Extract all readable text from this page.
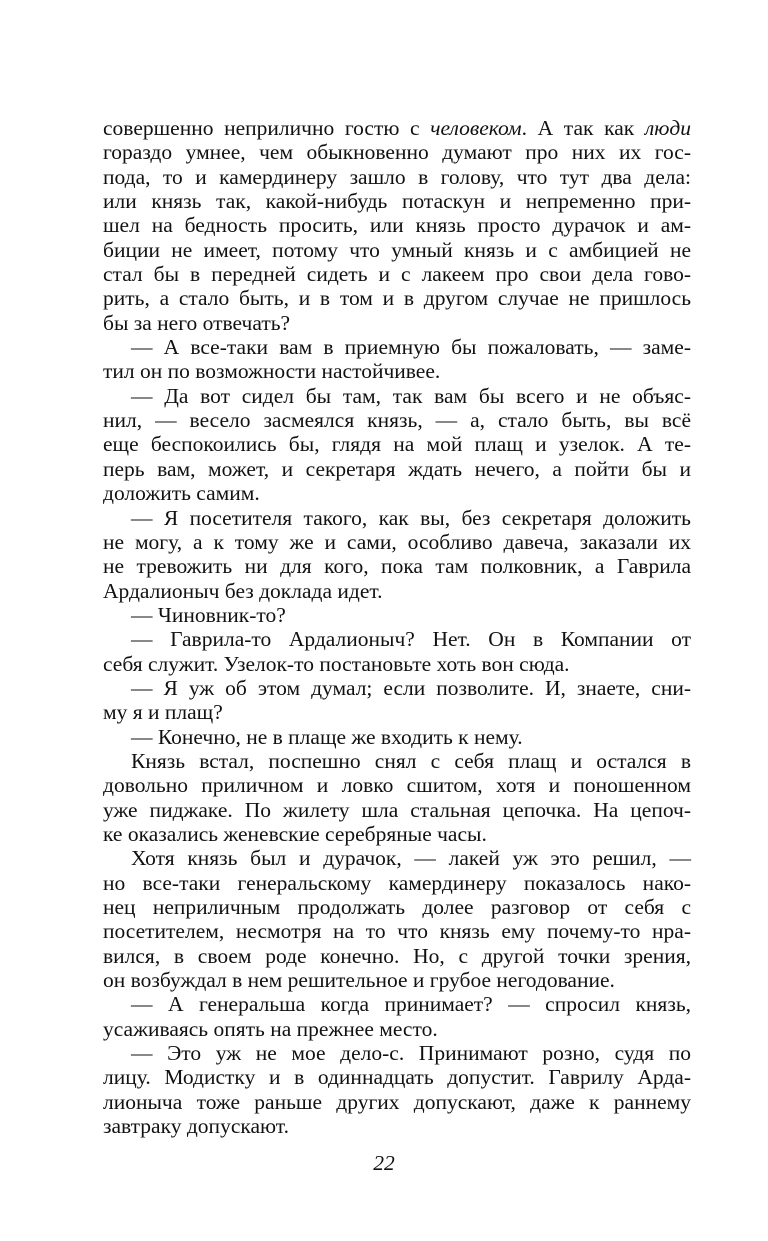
совершенно неприлично гостю с человеком. А так как люди
гораздо умнее, чем обыкновенно думают про них их гос-
пода, то и камердинеру зашло в голову, что тут два дела:
или князь так, какой-нибудь потаскун и непременно при-
шел на бедность просить, или князь просто дурачок и ам-
биции не имеет, потому что умный князь и с амбицией не
стал бы в передней сидеть и с лакеем про свои дела гово-
рить, а стало быть, и в том и в другом случае не пришлось
бы за него отвечать?
— А все-таки вам в приемную бы пожаловать, — заме-
тил он по возможности настойчивее.
— Да вот сидел бы там, так вам бы всего и не объяс-
нил, — весело засмеялся князь, — а, стало быть, вы всё
еще беспокоились бы, глядя на мой плащ и узелок. А те-
перь вам, может, и секретаря ждать нечего, а пойти бы и
доложить самим.
— Я посетителя такого, как вы, без секретаря доложить
не могу, а к тому же и сами, особливо давеча, заказали их
не тревожить ни для кого, пока там полковник, а Гаврила
Ардалионыч без доклада идет.
— Чиновник-то?
— Гаврила-то Ардалионыч? Нет. Он в Компании от
себя служит. Узелок-то постановьте хоть вон сюда.
— Я уж об этом думал; если позволите. И, знаете, сни-
му я и плащ?
— Конечно, не в плаще же входить к нему.
Князь встал, поспешно снял с себя плащ и остался в
довольно приличном и ловко сшитом, хотя и поношенном
уже пиджаке. По жилету шла стальная цепочка. На цепоч-
ке оказались женевские серебряные часы.
Хотя князь был и дурачок, — лакей уж это решил, —
но все-таки генеральскому камердинеру показалось нако-
нец неприличным продолжать долее разговор от себя с
посетителем, несмотря на то что князь ему почему-то нра-
вился, в своем роде конечно. Но, с другой точки зрения,
он возбуждал в нем решительное и грубое негодование.
— А генеральша когда принимает? — спросил князь,
усаживаясь опять на прежнее место.
— Это уж не мое дело-с. Принимают розно, судя по
лицу. Модистку и в одиннадцать допустит. Гаврилу Арда-
лионыча тоже раньше других допускают, даже к раннему
завтраку допускают.
22
